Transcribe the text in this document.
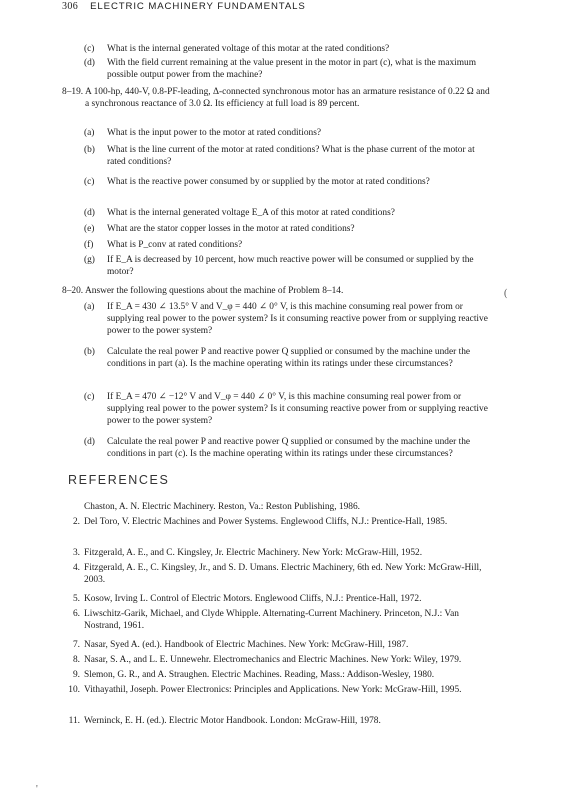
306 ELECTRIC MACHINERY FUNDAMENTALS
(c) What is the internal generated voltage of this motar at the rated conditions?
(d) With the field current remaining at the value present in the motor in part (c), what is the maximum possible output power from the machine?
8–19. A 100-hp, 440-V, 0.8-PF-leading, Δ-connected synchronous motor has an armature resistance of 0.22 Ω and a synchronous reactance of 3.0 Ω. Its efficiency at full load is 89 percent.
(a) What is the input power to the motor at rated conditions?
(b) What is the line current of the motor at rated conditions? What is the phase current of the motor at rated conditions?
(c) What is the reactive power consumed by or supplied by the motor at rated conditions?
(d) What is the internal generated voltage E_A of this motor at rated conditions?
(e) What are the stator copper losses in the motor at rated conditions?
(f) What is P_conv at rated conditions?
(g) If E_A is decreased by 10 percent, how much reactive power will be consumed or supplied by the motor?
8–20. Answer the following questions about the machine of Problem 8–14.
(a) If E_A = 430 ∠ 13.5° V and V_φ = 440 ∠ 0° V, is this machine consuming real power from or supplying real power to the power system? Is it consuming reactive power from or supplying reactive power to the power system?
(b) Calculate the real power P and reactive power Q supplied or consumed by the machine under the conditions in part (a). Is the machine operating within its ratings under these circumstances?
(c) If E_A = 470 ∠ −12° V and V_φ = 440 ∠ 0° V, is this machine consuming real power from or supplying real power to the power system? Is it consuming reactive power from or supplying reactive power to the power system?
(d) Calculate the real power P and reactive power Q supplied or consumed by the machine under the conditions in part (c). Is the machine operating within its ratings under these circumstances?
REFERENCES
Chaston, A. N. Electric Machinery. Reston, Va.: Reston Publishing, 1986.
2. Del Toro, V. Electric Machines and Power Systems. Englewood Cliffs, N.J.: Prentice-Hall, 1985.
3. Fitzgerald, A. E., and C. Kingsley, Jr. Electric Machinery. New York: McGraw-Hill, 1952.
4. Fitzgerald, A. E., C. Kingsley, Jr., and S. D. Umans. Electric Machinery, 6th ed. New York: McGraw-Hill, 2003.
5. Kosow, Irving L. Control of Electric Motors. Englewood Cliffs, N.J.: Prentice-Hall, 1972.
6. Liwschitz-Garik, Michael, and Clyde Whipple. Alternating-Current Machinery. Princeton, N.J.: Van Nostrand, 1961.
7. Nasar, Syed A. (ed.). Handbook of Electric Machines. New York: McGraw-Hill, 1987.
8. Nasar, S. A., and L. E. Unnewehr. Electromechanics and Electric Machines. New York: Wiley, 1979.
9. Slemon, G. R., and A. Straughen. Electric Machines. Reading, Mass.: Addison-Wesley, 1980.
10. Vithayathil, Joseph. Power Electronics: Principles and Applications. New York: McGraw-Hill, 1995.
11. Werninck, E. H. (ed.). Electric Motor Handbook. London: McGraw-Hill, 1978.
(
'
